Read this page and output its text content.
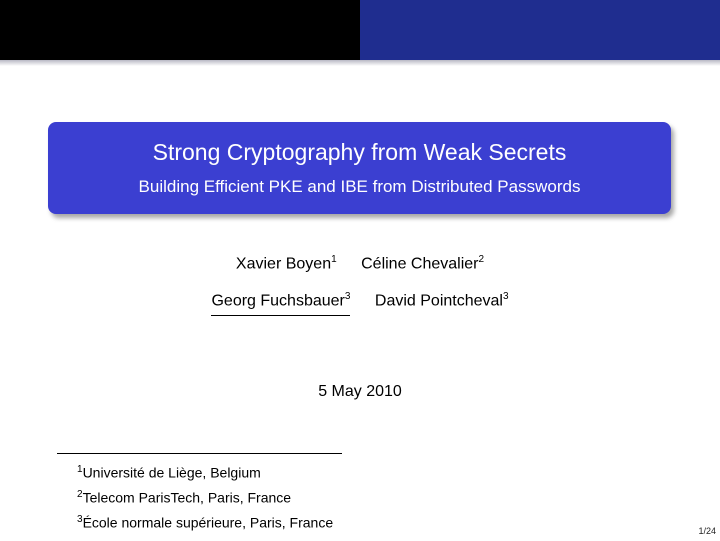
Strong Cryptography from Weak Secrets
Building Efficient PKE and IBE from Distributed Passwords
Xavier Boyen$^1$ Céline Chevalier$^2$
Georg Fuchsbauer$^3$ David Pointcheval$^3$
5 May 2010
$^1$Université de Liège, Belgium
$^2$Telecom ParisTech, Paris, France
$^3$École normale supérieure, Paris, France
1/24
